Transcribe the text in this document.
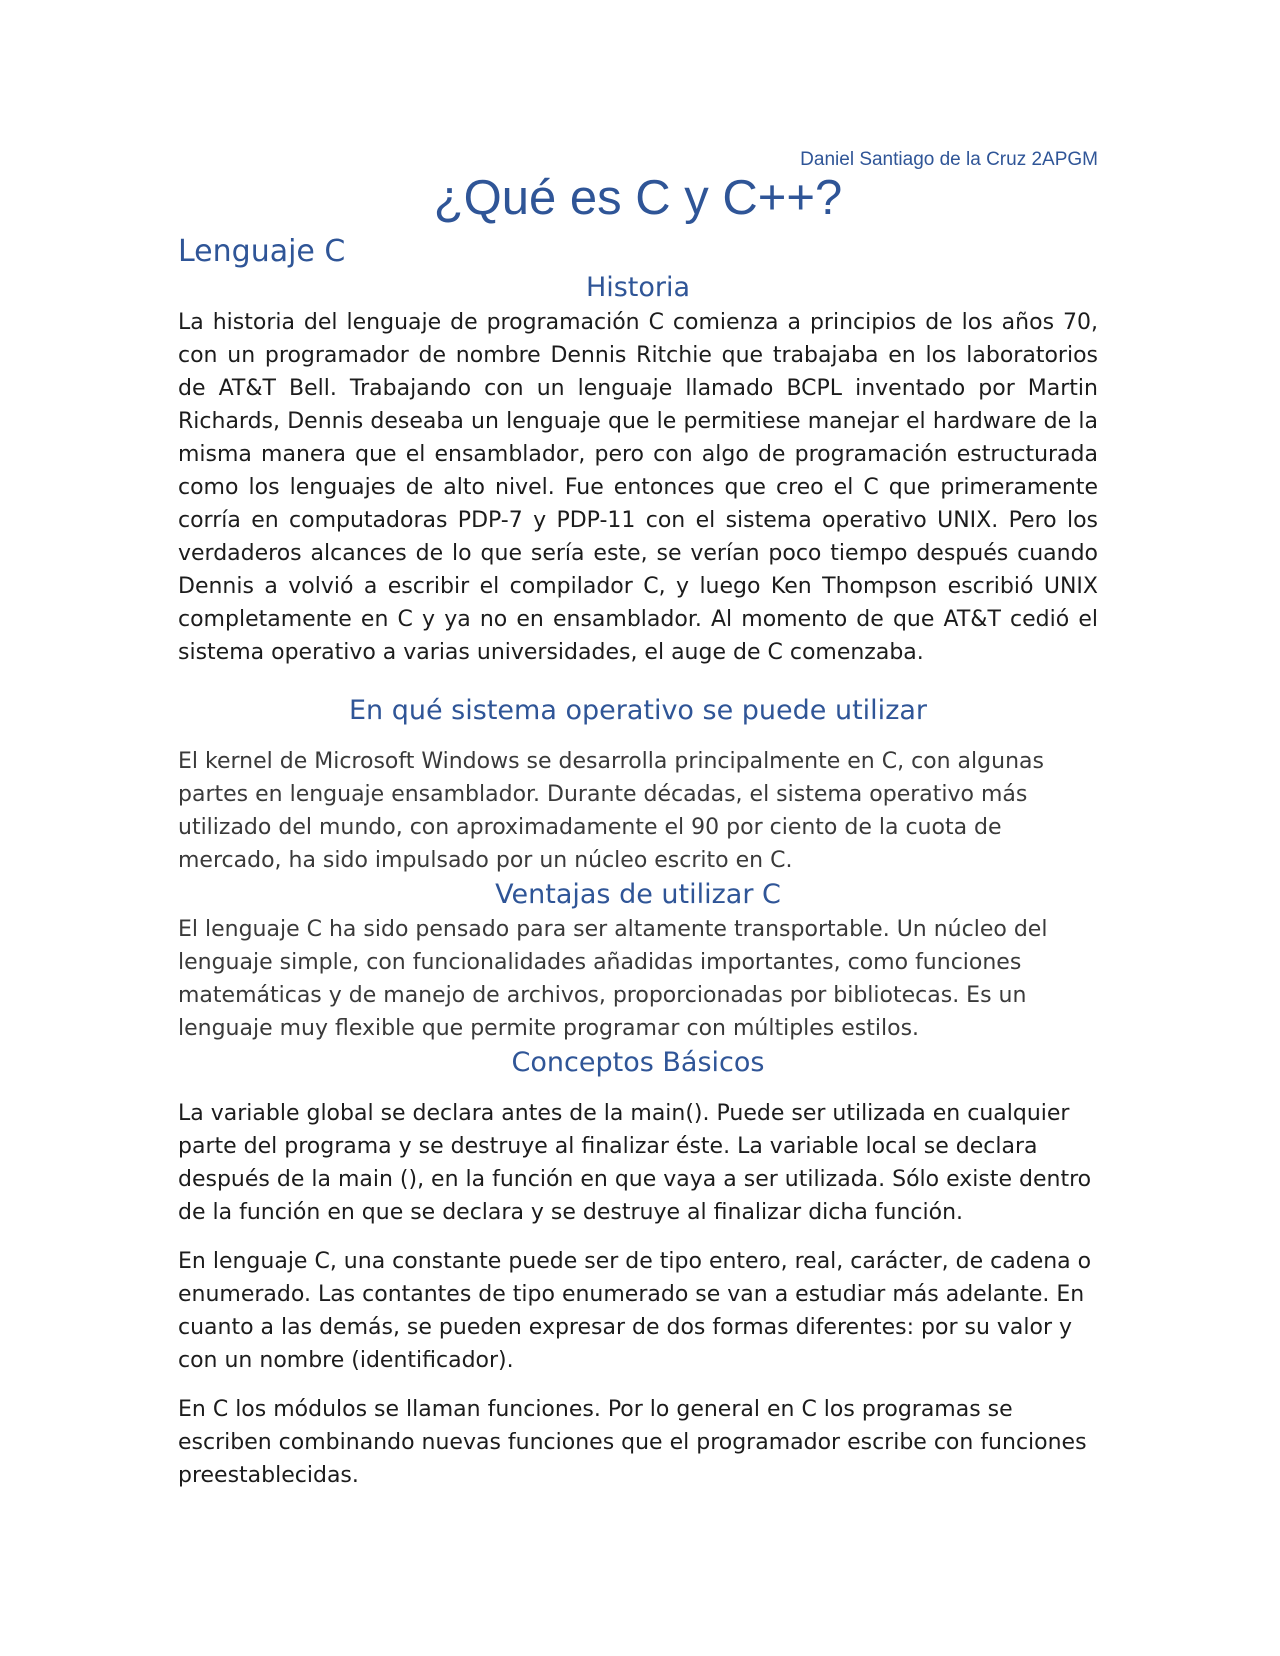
Daniel Santiago de la Cruz 2APGM

¿Qué es C y C++?
Lenguaje C
Historia

La historia del lenguaje de programación C comienza a principios de los años 70, con un programador de nombre Dennis Ritchie que trabajaba en los laboratorios de AT&T Bell. Trabajando con un lenguaje llamado BCPL inventado por Martin Richards, Dennis deseaba un lenguaje que le permitiese manejar el hardware de la misma manera que el ensamblador, pero con algo de programación estructurada como los lenguajes de alto nivel. Fue entonces que creo el C que primeramente corría en computadoras PDP-7 y PDP-11 con el sistema operativo UNIX. Pero los verdaderos alcances de lo que sería este, se verían poco tiempo después cuando Dennis a volvió a escribir el compilador C, y luego Ken Thompson escribió UNIX completamente en C y ya no en ensamblador. Al momento de que AT&T cedió el sistema operativo a varias universidades, el auge de C comenzaba.

En qué sistema operativo se puede utilizar

El kernel de Microsoft Windows se desarrolla principalmente en C, con algunas partes en lenguaje ensamblador. Durante décadas, el sistema operativo más utilizado del mundo, con aproximadamente el 90 por ciento de la cuota de mercado, ha sido impulsado por un núcleo escrito en C.

Ventajas de utilizar C

El lenguaje C ha sido pensado para ser altamente transportable. Un núcleo del lenguaje simple, con funcionalidades añadidas importantes, como funciones matemáticas y de manejo de archivos, proporcionadas por bibliotecas. Es un lenguaje muy flexible que permite programar con múltiples estilos.

Conceptos Básicos

La variable global se declara antes de la main(). Puede ser utilizada en cualquier parte del programa y se destruye al finalizar éste. La variable local se declara después de la main (), en la función en que vaya a ser utilizada. Sólo existe dentro de la función en que se declara y se destruye al finalizar dicha función.

En lenguaje C, una constante puede ser de tipo entero, real, carácter, de cadena o enumerado. Las contantes de tipo enumerado se van a estudiar más adelante. En cuanto a las demás, se pueden expresar de dos formas diferentes: por su valor y con un nombre (identificador).

En C los módulos se llaman funciones. Por lo general en C los programas se escriben combinando nuevas funciones que el programador escribe con funciones preestablecidas.
